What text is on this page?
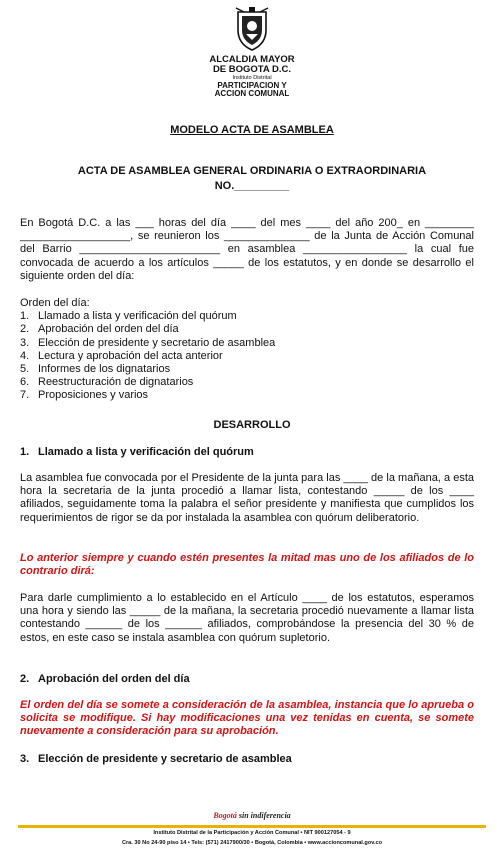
ALCALDIA MAYOR
DE BOGOTA D.C.
Instituto Distrital
PARTICIPACION Y
ACCION COMUNAL
MODELO ACTA DE ASAMBLEA
ACTA DE ASAMBLEA GENERAL ORDINARIA O EXTRAORDINARIA
NO._________
En Bogotá D.C. a las ___ horas del día ____ del mes ____ del año 200_ en ________ __________________, se reunieron los ______________ de la Junta de Acción Comunal del Barrio _______________________ en asamblea _________________ la cual fue convocada de acuerdo a los artículos _____ de los estatutos, y en donde se desarrollo el siguiente orden del día:
Orden del día:
1. Llamado a lista y verificación del quórum
2. Aprobación del orden del día
3. Elección de presidente y secretario de asamblea
4. Lectura y aprobación del acta anterior
5. Informes de los dignatarios
6. Reestructuración de dignatarios
7. Proposiciones y varios
DESARROLLO
1. Llamado a lista y verificación del quórum
La asamblea fue convocada por el Presidente de la junta para las ____ de la mañana, a esta hora la secretaria de la junta procedió a llamar lista, contestando _____ de los ____ afiliados, seguidamente toma la palabra el señor presidente y manifiesta que cumplidos los requerimientos de rigor se da por instalada la asamblea con quórum deliberatorio.
Lo anterior siempre y cuando estén presentes la mitad mas uno de los afiliados de lo contrario dirá:
Para darle cumplimiento a lo establecido en el Artículo ____ de los estatutos, esperamos una hora y siendo las _____ de la mañana, la secretaria procedió nuevamente a llamar lista contestando ______ de los ______ afiliados, comprobándose la presencia del 30 % de estos, en este caso se instala asamblea con quórum supletorio.
2. Aprobación del orden del día
El orden del día se somete a consideración de la asamblea, instancia que lo aprueba o solicita se modifique. Si hay modificaciones una vez tenidas en cuenta, se somete nuevamente a consideración para su aprobación.
3. Elección de presidente y secretario de asamblea
Bogotá sin indiferencia
Instituto Distrital de la Participación y Acción Comunal • NIT 900127054 - 9
Cra. 30 No 24-90 piso 14 • Tels: (571) 2417900/30 • Bogotá, Colombia • www.accioncomunal.gov.co
